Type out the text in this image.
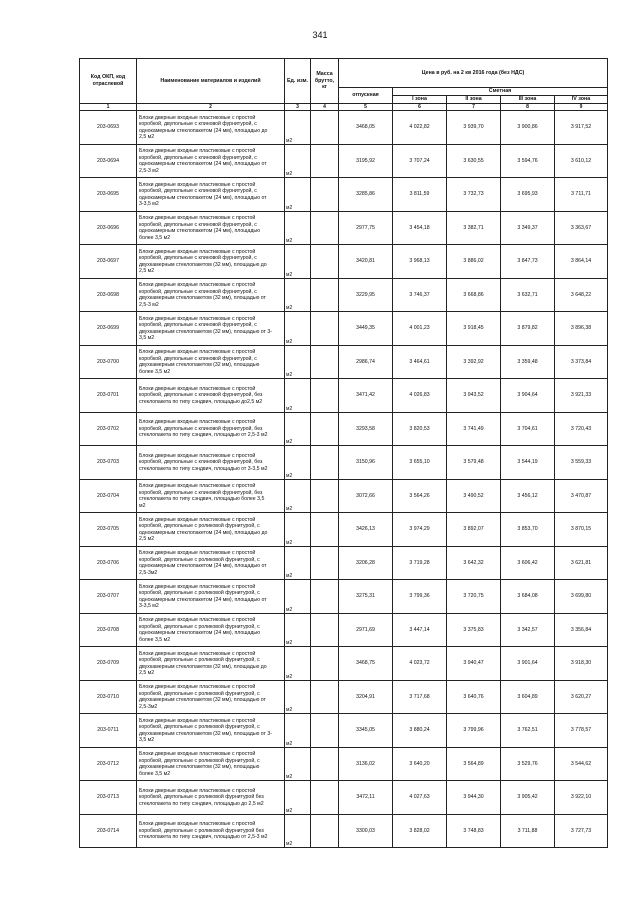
341
Код ОКП, код отраслевой	Наименование материалов и изделий	Ед. изм.	Масса брутто, кг	Цена в руб. на 2 кв 2016 года (без НДС)				
				отпускная	Сметная			
					I зона	II зона	III зона	IV зона
1	2	3	4	5	6	7	8	9
203-0693	Блоки дверные входные пластиковые с простой коробкой, двупольные с клиновой фурнитурой, с однокамерным стеклопакетом (24 мм), площадью до 2,5 м2	м2		3468,05	4 022,82	3 939,70	3 900,86	3 917,52
203-0694	Блоки дверные входные пластиковые с простой коробкой, двупольные с клиновой фурнитурой, с однокамерным стеклопакетом (24 мм), площадью от 2,5-3 м2	м2		3195,92	3 707,24	3 630,55	3 594,76	3 610,12
203-0695	Блоки дверные входные пластиковые с простой коробкой, двупольные с клиновой фурнитурой, с однокамерным стеклопакетом (24 мм), площадью от 3-3,5 м2	м2		3285,86	3 811,59	3 732,73	3 695,93	3 711,71
203-0696	Блоки дверные входные пластиковые с простой коробкой, двупольные с клиновой фурнитурой, с однокамерным стеклопакетом (24 мм), площадью более 3,5 м2	м2		2977,75	3 454,18	3 382,71	3 349,37	3 363,67
203-0697	Блоки дверные входные пластиковые с простой коробкой, двупольные с клиновой фурнитурой, с двухкамерным стеклопакетом (32 мм), площадью до 2,5 м2	м2		3420,81	3 968,13	3 886,02	3 847,73	3 864,14
203-0698	Блоки дверные входные пластиковые с простой коробкой, двупольные с клиновой фурнитурой, с двухкамерным стеклопакетом (32 мм), площадью от 2,5-3 м2	м2		3229,95	3 746,37	3 668,86	3 632,71	3 648,22
203-0699	Блоки дверные входные пластиковые с простой коробкой, двупольные с клиновой фурнитурой, с двухкамерным стеклопакетом (32 мм), площадью от 3-3,5 м2	м2		3449,35	4 001,23	3 918,45	3 879,82	3 896,38
203-0700	Блоки дверные входные пластиковые с простой коробкой, двупольные с клиновой фурнитурой, с двухкамерным стеклопакетом (32 мм), площадью более 3,5 м2	м2		2986,74	3 464,61	3 392,92	3 359,48	3 373,84
203-0701	Блоки дверные входные пластиковые с простой коробкой, двупольные с клиновой фурнитурой, без стеклопакета по типу сэндвич, площадью до2,5 м2	м2		3471,42	4 026,83	3 943,52	3 904,64	3 921,33
203-0702	Блоки дверные входные пластиковые с простой коробкой, двупольные с клиновой фурнитурой, без стеклопакета по типу сэндвич, площадью от 2,5-3 м2	м2		3293,58	3 820,53	3 741,49	3 704,61	3 720,43
203-0703	Блоки дверные входные пластиковые с простой коробкой, двупольные с клиновой фурнитурой, без стеклопакета по типу сэндвич, площадью от 3-3,5 м2	м2		3150,96	3 655,10	3 579,48	3 544,19	3 559,33
203-0704	Блоки дверные входные пластиковые с простой коробкой, двупольные с клиновой фурнитурой, без стеклопакета по типу сэндвич, площадью более 3,5 м2	м2		3072,66	3 564,26	3 490,52	3 456,12	3 470,87
203-0705	Блоки дверные входные пластиковые с простой коробкой, двупольные с роликовой фурнитурой, с однокамерным стеклопакетом (24 мм), площадью до 2,5 м2	м2		3426,13	3 974,29	3 892,07	3 853,70	3 870,15
203-0706	Блоки дверные входные пластиковые с простой коробкой, двупольные с роликовой фурнитурой, с однокамерным стеклопакетом (24 мм), площадью от 2,5-3м2	м2		3206,28	3 719,28	3 642,32	3 606,42	3 621,81
203-0707	Блоки дверные входные пластиковые с простой коробкой, двупольные с роликовой фурнитурой, с однокамерным стеклопакетом (24 мм), площадью от 3-3,5 м2	м2		3275,31	3 799,36	3 720,75	3 684,08	3 699,80
203-0708	Блоки дверные входные пластиковые с простой коробкой, двупольные с роликовой фурнитурой, с однокамерным стеклопакетом (24 мм), площадью более 3,5 м2	м2		2971,69	3 447,14	3 375,83	3 342,57	3 356,84
203-0709	Блоки дверные входные пластиковые с простой коробкой, двупольные с роликовой фурнитурой, с двухкамерным стеклопакетом (32 мм), площадью до 2,5 м2	м2		3468,75	4 023,72	3 940,47	3 901,64	3 918,30
203-0710	Блоки дверные входные пластиковые с простой коробкой, двупольные с роликовой фурнитурой, с двухкамерным стеклопакетом (32 мм), площадью от 2,5-3м2	м2		3204,91	3 717,68	3 640,76	3 604,89	3 620,27
203-0711	Блоки дверные входные пластиковые с простой коробкой, двупольные с роликовой фурнитурой, с двухкамерным стеклопакетом (32 мм), площадью от 3-3,5 м2	м2		3345,05	3 880,24	3 799,96	3 762,51	3 778,57
203-0712	Блоки дверные входные пластиковые с простой коробкой, двупольные с роликовой фурнитурой, с двухкамерным стеклопакетом (32 мм), площадью более 3,5 м2	м2		3136,02	3 640,20	3 564,89	3 529,76	3 544,62
203-0713	Блоки дверные входные пластиковые с простой коробкой, двупольные с роликовой фурнитурой без стеклопакета по типу сэндвич, площадью до 2,5 м2	м2		3472,11	4 027,63	3 944,30	3 905,42	3 922,10
203-0714	Блоки дверные входные пластиковые с простой коробкой, двупольные с роликовой фурнитурой без стеклопакета по типу сэндвич, площадью от 2,5-3 м2	м2		3300,03	3 828,02	3 748,83	3 711,88	3 727,73
